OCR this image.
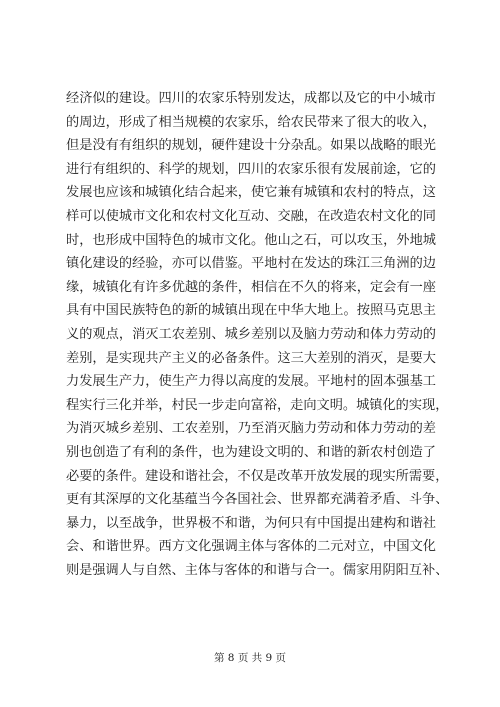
经济似的建设。四川的农家乐特别发达，成都以及它的中小城市
的周边，形成了相当规模的农家乐，给农民带来了很大的收入，
但是没有有组织的规划，硬件建设十分杂乱。如果以战略的眼光
进行有组织的、科学的规划，四川的农家乐很有发展前途，它的
发展也应该和城镇化结合起来，使它兼有城镇和农村的特点，这
样可以使城市文化和农村文化互动、交融，在改造农村文化的同
时，也形成中国特色的城市文化。他山之石，可以攻玉，外地城
镇化建设的经验，亦可以借鉴。平地村在发达的珠江三角洲的边
缘，城镇化有许多优越的条件，相信在不久的将来，定会有一座
具有中国民族特色的新的城镇出现在中华大地上。按照马克思主
义的观点，消灭工农差别、城乡差别以及脑力劳动和体力劳动的
差别，是实现共产主义的必备条件。这三大差别的消灭，是要大
力发展生产力，使生产力得以高度的发展。平地村的固本强基工
程实行三化并举，村民一步走向富裕，走向文明。城镇化的实现，
为消灭城乡差别、工农差别，乃至消灭脑力劳动和体力劳动的差
别也创造了有利的条件，也为建设文明的、和谐的新农村创造了
必要的条件。建设和谐社会，不仅是改革开放发展的现实所需要，
更有其深厚的文化基蕴当今各国社会、世界都充满着矛盾、斗争、
暴力，以至战争，世界极不和谐，为何只有中国提出建构和谐社
会、和谐世界。西方文化强调主体与客体的二元对立，中国文化
则是强调人与自然、主体与客体的和谐与合一。儒家用阴阳互补、
第 8 页 共 9 页
